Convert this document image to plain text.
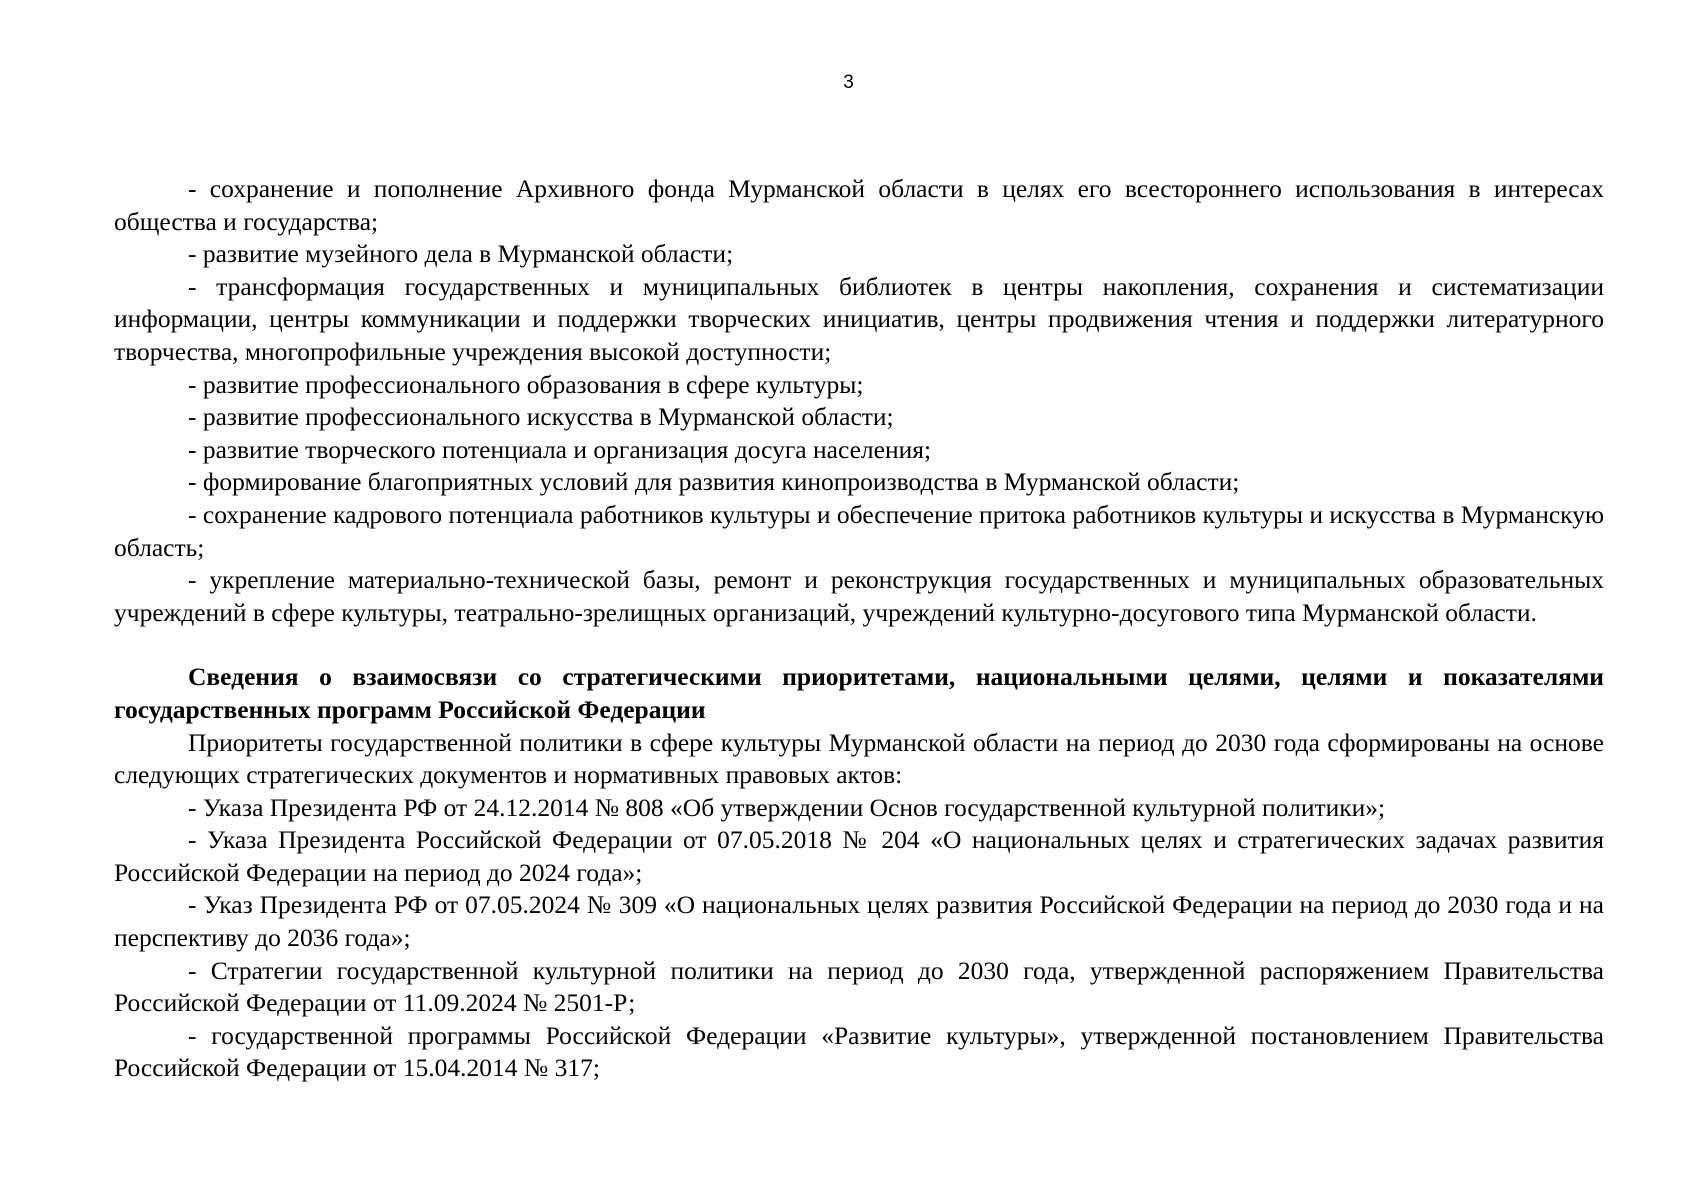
3

- сохранение и пополнение Архивного фонда Мурманской области в целях его всестороннего использования в интересах общества и государства;

- развитие музейного дела в Мурманской области;

- трансформация государственных и муниципальных библиотек в центры накопления, сохранения и систематизации информации, центры коммуникации и поддержки творческих инициатив, центры продвижения чтения и поддержки литературного творчества, многопрофильные учреждения высокой доступности;

- развитие профессионального образования в сфере культуры;

- развитие профессионального искусства в Мурманской области;

- развитие творческого потенциала и организация досуга населения;

- формирование благоприятных условий для развития кинопроизводства в Мурманской области;

- сохранение кадрового потенциала работников культуры и обеспечение притока работников культуры и искусства в Мурманскую область;

- укрепление материально-технической базы, ремонт и реконструкция государственных и муниципальных образовательных учреждений в сфере культуры, театрально-зрелищных организаций, учреждений культурно-досугового типа Мурманской области.

Сведения о взаимосвязи со стратегическими приоритетами, национальными целями, целями и показателями государственных программ Российской Федерации

Приоритеты государственной политики в сфере культуры Мурманской области на период до 2030 года сформированы на основе следующих стратегических документов и нормативных правовых актов:

- Указа Президента РФ от 24.12.2014 № 808 «Об утверждении Основ государственной культурной политики»;

- Указа Президента Российской Федерации от 07.05.2018 № 204 «О национальных целях и стратегических задачах развития Российской Федерации на период до 2024 года»;

- Указ Президента РФ от 07.05.2024 № 309 «О национальных целях развития Российской Федерации на период до 2030 года и на перспективу до 2036 года»;

- Стратегии государственной культурной политики на период до 2030 года, утвержденной распоряжением Правительства Российской Федерации от 11.09.2024 № 2501-Р;

- государственной программы Российской Федерации «Развитие культуры», утвержденной постановлением Правительства Российской Федерации от 15.04.2014 № 317;
